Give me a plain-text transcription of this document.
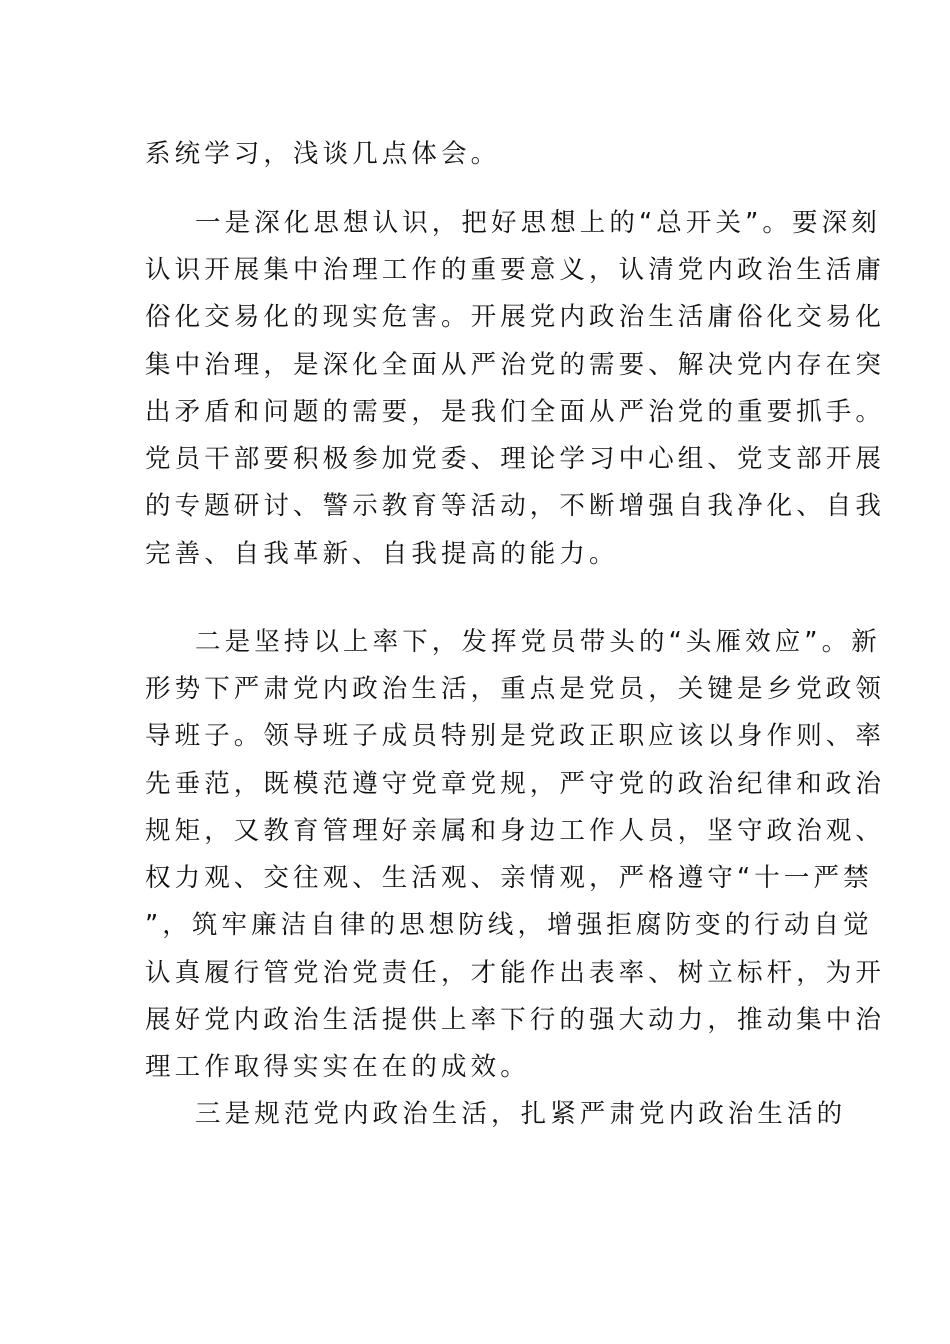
系统学习，浅谈几点体会。
一是深化思想认识，把好思想上的“总开关”。要深刻
认识开展集中治理工作的重要意义，认清党内政治生活庸
俗化交易化的现实危害。开展党内政治生活庸俗化交易化
集中治理，是深化全面从严治党的需要、解决党内存在突
出矛盾和问题的需要，是我们全面从严治党的重要抓手。
党员干部要积极参加党委、理论学习中心组、党支部开展
的专题研讨、警示教育等活动，不断增强自我净化、自我
完善、自我革新、自我提高的能力。
二是坚持以上率下，发挥党员带头的“头雁效应”。新
形势下严肃党内政治生活，重点是党员，关键是乡党政领
导班子。领导班子成员特别是党政正职应该以身作则、率
先垂范，既模范遵守党章党规，严守党的政治纪律和政治
规矩，又教育管理好亲属和身边工作人员，坚守政治观、
权力观、交往观、生活观、亲情观，严格遵守“十一严禁
”，筑牢廉洁自律的思想防线，增强拒腐防变的行动自觉
认真履行管党治党责任，才能作出表率、树立标杆，为开
展好党内政治生活提供上率下行的强大动力，推动集中治
理工作取得实实在在的成效。
三是规范党内政治生活，扎紧严肃党内政治生活的
